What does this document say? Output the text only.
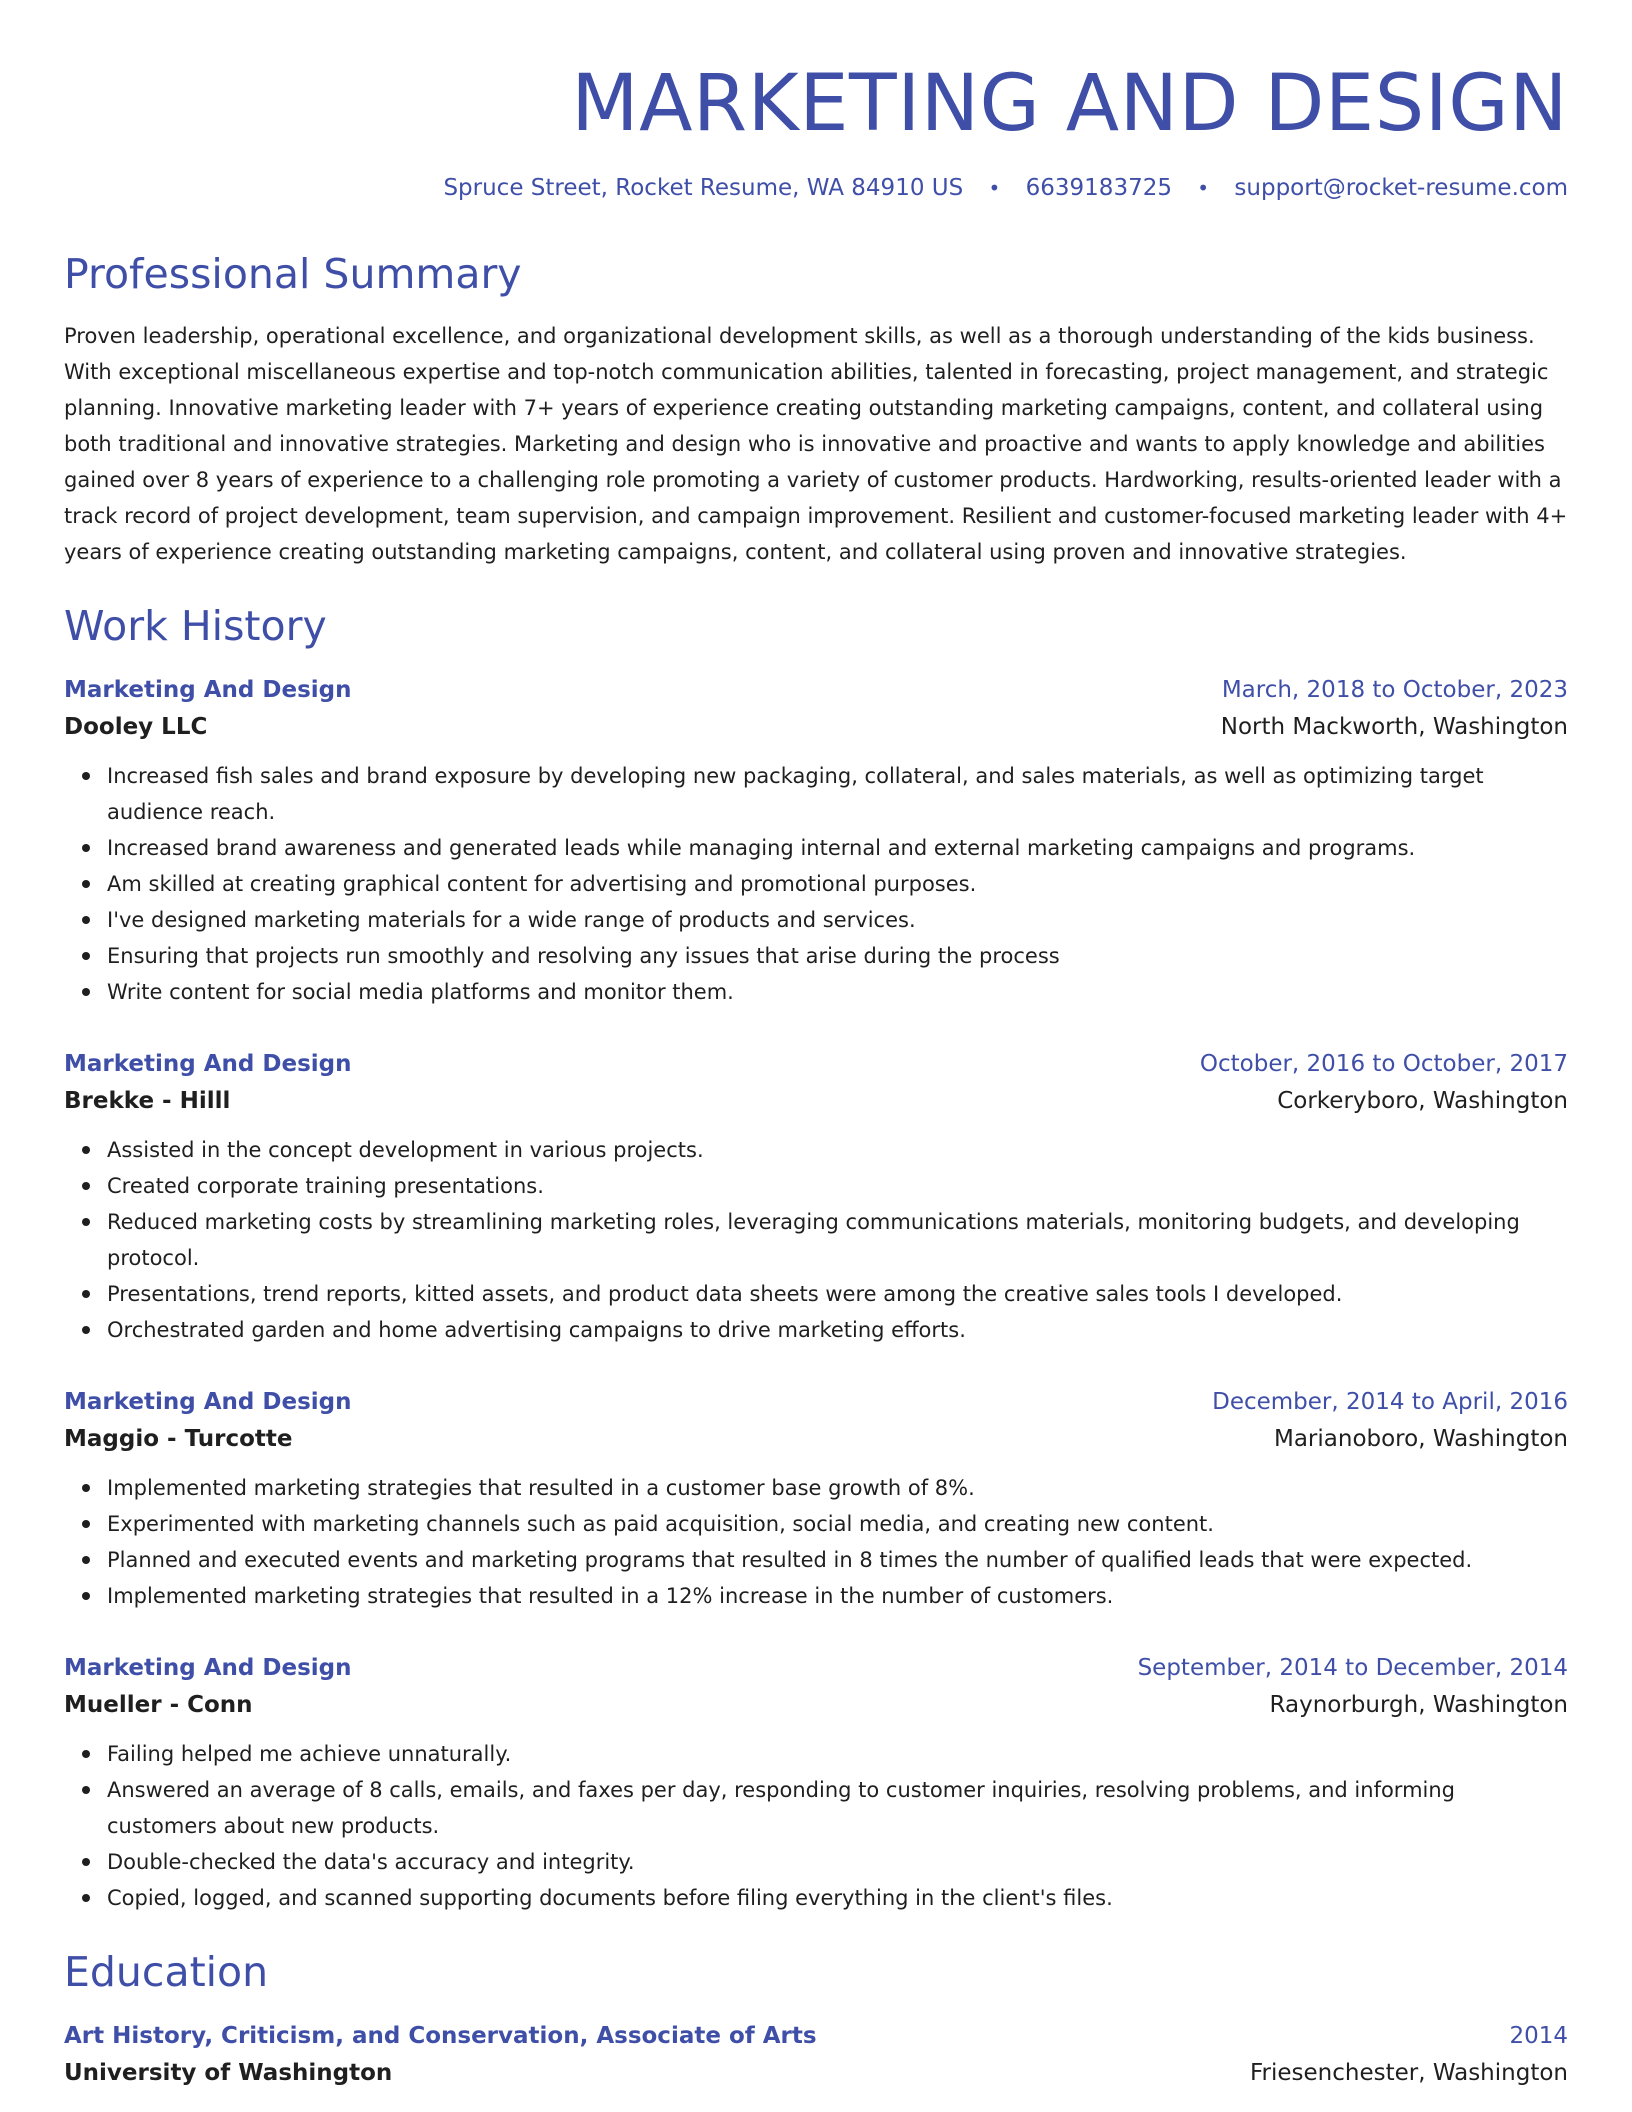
MARKETING AND DESIGN
Spruce Street, Rocket Resume, WA 84910 US • 6639183725 • support@rocket-resume.com
Professional Summary

Proven leadership, operational excellence, and organizational development skills, as well as a thorough understanding of the kids business. With exceptional miscellaneous expertise and top-notch communication abilities, talented in forecasting, project management, and strategic planning. Innovative marketing leader with 7+ years of experience creating outstanding marketing campaigns, content, and collateral using both traditional and innovative strategies. Marketing and design who is innovative and proactive and wants to apply knowledge and abilities gained over 8 years of experience to a challenging role promoting a variety of customer products. Hardworking, results-oriented leader with a track record of project development, team supervision, and campaign improvement. Resilient and customer-focused marketing leader with 4+ years of experience creating outstanding marketing campaigns, content, and collateral using proven and innovative strategies.

Work History
Marketing And Design	March, 2018 to October, 2023
Dooley LLC	North Mackworth, Washington
Increased fish sales and brand exposure by developing new packaging, collateral, and sales materials, as well as optimizing target audience reach.
Increased brand awareness and generated leads while managing internal and external marketing campaigns and programs.
Am skilled at creating graphical content for advertising and promotional purposes.
I've designed marketing materials for a wide range of products and services.
Ensuring that projects run smoothly and resolving any issues that arise during the process
Write content for social media platforms and monitor them.
Marketing And Design	October, 2016 to October, 2017
Brekke - Hilll	Corkeryboro, Washington
Assisted in the concept development in various projects.
Created corporate training presentations.
Reduced marketing costs by streamlining marketing roles, leveraging communications materials, monitoring budgets, and developing protocol.
Presentations, trend reports, kitted assets, and product data sheets were among the creative sales tools I developed.
Orchestrated garden and home advertising campaigns to drive marketing efforts.
Marketing And Design	December, 2014 to April, 2016
Maggio - Turcotte	Marianoboro, Washington
Implemented marketing strategies that resulted in a customer base growth of 8%.
Experimented with marketing channels such as paid acquisition, social media, and creating new content.
Planned and executed events and marketing programs that resulted in 8 times the number of qualified leads that were expected.
Implemented marketing strategies that resulted in a 12% increase in the number of customers.
Marketing And Design	September, 2014 to December, 2014
Mueller - Conn	Raynorburgh, Washington
Failing helped me achieve unnaturally.
Answered an average of 8 calls, emails, and faxes per day, responding to customer inquiries, resolving problems, and informing customers about new products.
Double-checked the data's accuracy and integrity.
Copied, logged, and scanned supporting documents before filing everything in the client's files.
Education
Art History, Criticism, and Conservation, Associate of Arts	2014
University of Washington	Friesenchester, Washington
